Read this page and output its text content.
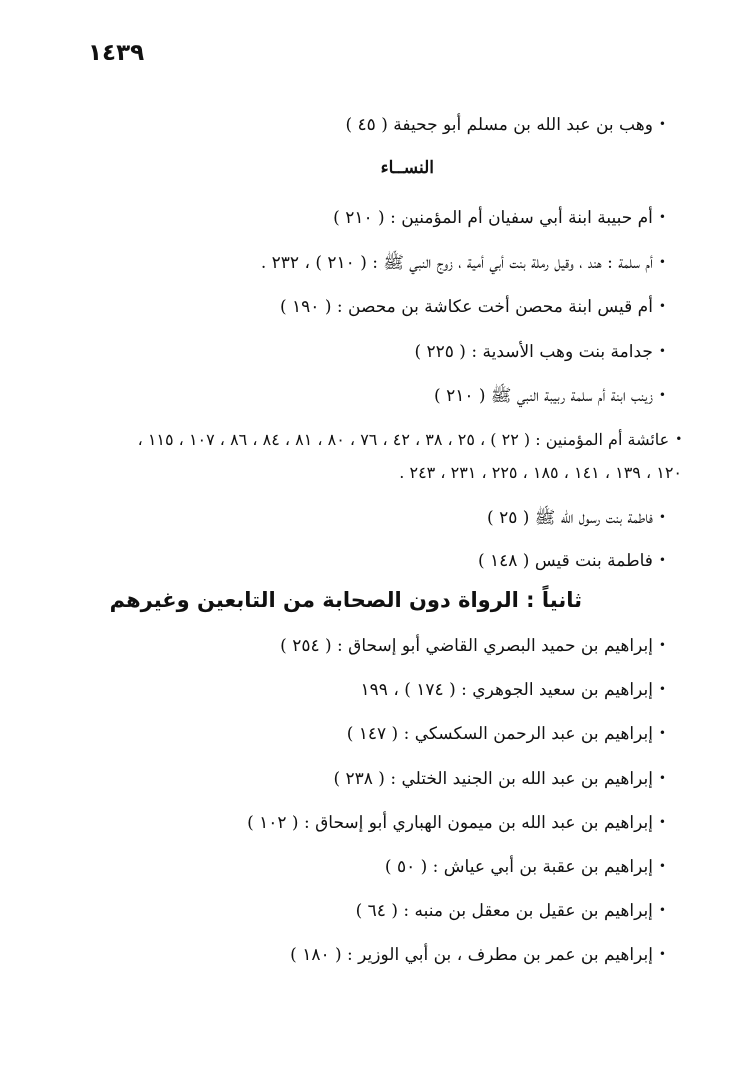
١٤٣٩
•وهب بن عبد الله بن مسلم أبو جحيفة ( ٤٥ )
النســاء
•أم حبيبة ابنة أبي سفيان أم المؤمنين : ( ٢١٠ )
•أم سلمة : هند ، وقيل رملة بنت أبي أمية ، زوج النبي ﷺ : ( ٢١٠ ) ، ٢٣٢ .
•أم قيس ابنة محصن أخت عكاشة بن محصن : ( ١٩٠ )
•جدامة بنت وهب الأسدية : ( ٢٢٥ )
•زينب ابنة أم سلمة ربيبة النبي ﷺ ( ٢١٠ )
•عائشة أم المؤمنين : ( ٢٢ ) ، ٢٥ ، ٣٨ ، ٤٢ ، ٧٦ ، ٨٠ ، ٨١ ، ٨٤ ، ٨٦ ، ١٠٧ ، ١١٥ ،
١٢٠ ، ١٣٩ ، ١٤١ ، ١٨٥ ، ٢٢٥ ، ٢٣١ ، ٢٤٣ .
•فاطمة بنت رسول الله ﷺ ( ٢٥ )
•فاطمة بنت قيس ( ١٤٨ )
ثانياً : الرواة دون الصحابة من التابعين وغيرهم
•إبراهيم بن حميد البصري القاضي أبو إسحاق : ( ٢٥٤ )
•إبراهيم بن سعيد الجوهري : ( ١٧٤ ) ، ١٩٩
•إبراهيم بن عبد الرحمن السكسكي : ( ١٤٧ )
•إبراهيم بن عبد الله بن الجنيد الختلي : ( ٢٣٨ )
•إبراهيم بن عبد الله بن ميمون الهباري أبو إسحاق : ( ١٠٢ )
•إبراهيم بن عقبة بن أبي عياش : ( ٥٠ )
•إبراهيم بن عقيل بن معقل بن منبه : ( ٦٤ )
•إبراهيم بن عمر بن مطرف ، بن أبي الوزير : ( ١٨٠ )
